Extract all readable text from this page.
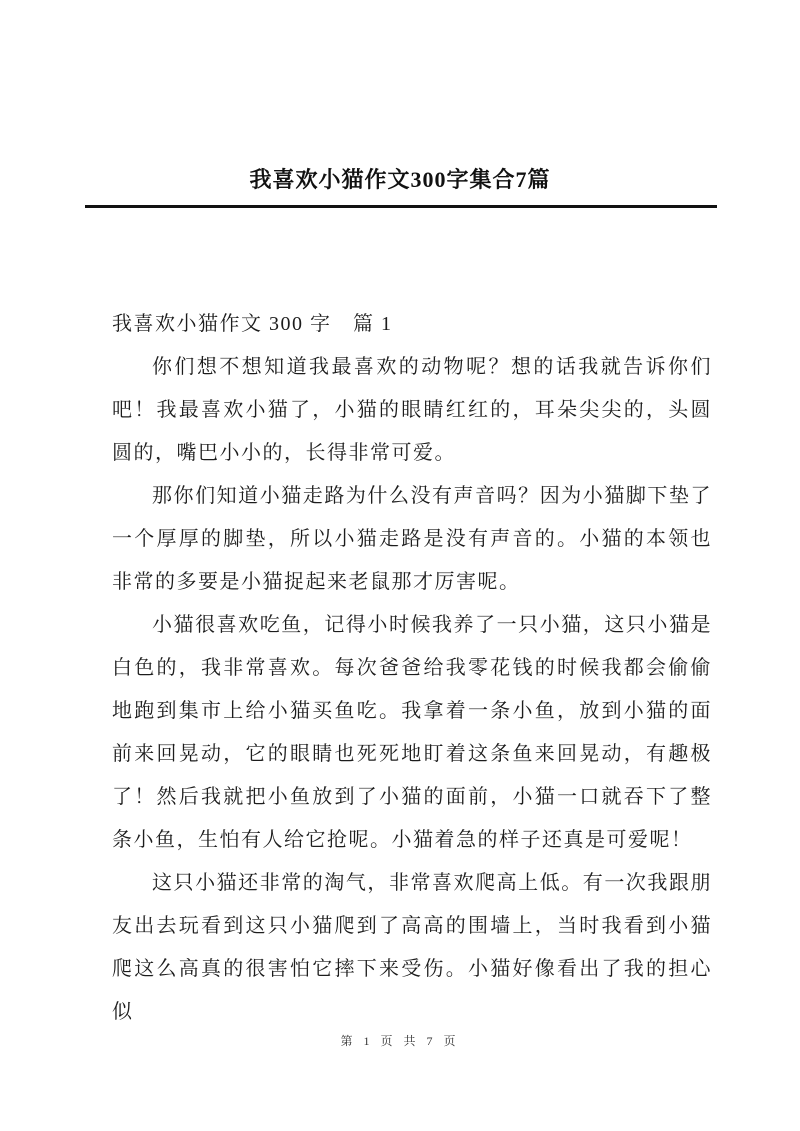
我喜欢小猫作文300字集合7篇

我喜欢小猫作文 300 字　篇 1

你们想不想知道我最喜欢的动物呢？想的话我就告诉你们吧！我最喜欢小猫了，小猫的眼睛红红的，耳朵尖尖的，头圆圆的，嘴巴小小的，长得非常可爱。

那你们知道小猫走路为什么没有声音吗？因为小猫脚下垫了一个厚厚的脚垫，所以小猫走路是没有声音的。小猫的本领也非常的多要是小猫捉起来老鼠那才厉害呢。

小猫很喜欢吃鱼，记得小时候我养了一只小猫，这只小猫是白色的，我非常喜欢。每次爸爸给我零花钱的时候我都会偷偷地跑到集市上给小猫买鱼吃。我拿着一条小鱼，放到小猫的面前来回晃动，它的眼睛也死死地盯着这条鱼来回晃动，有趣极了！然后我就把小鱼放到了小猫的面前，小猫一口就吞下了整条小鱼，生怕有人给它抢呢。小猫着急的样子还真是可爱呢！

这只小猫还非常的淘气，非常喜欢爬高上低。有一次我跟朋友出去玩看到这只小猫爬到了高高的围墙上，当时我看到小猫爬这么高真的很害怕它摔下来受伤。小猫好像看出了我的担心似

第 1 页 共 7 页
